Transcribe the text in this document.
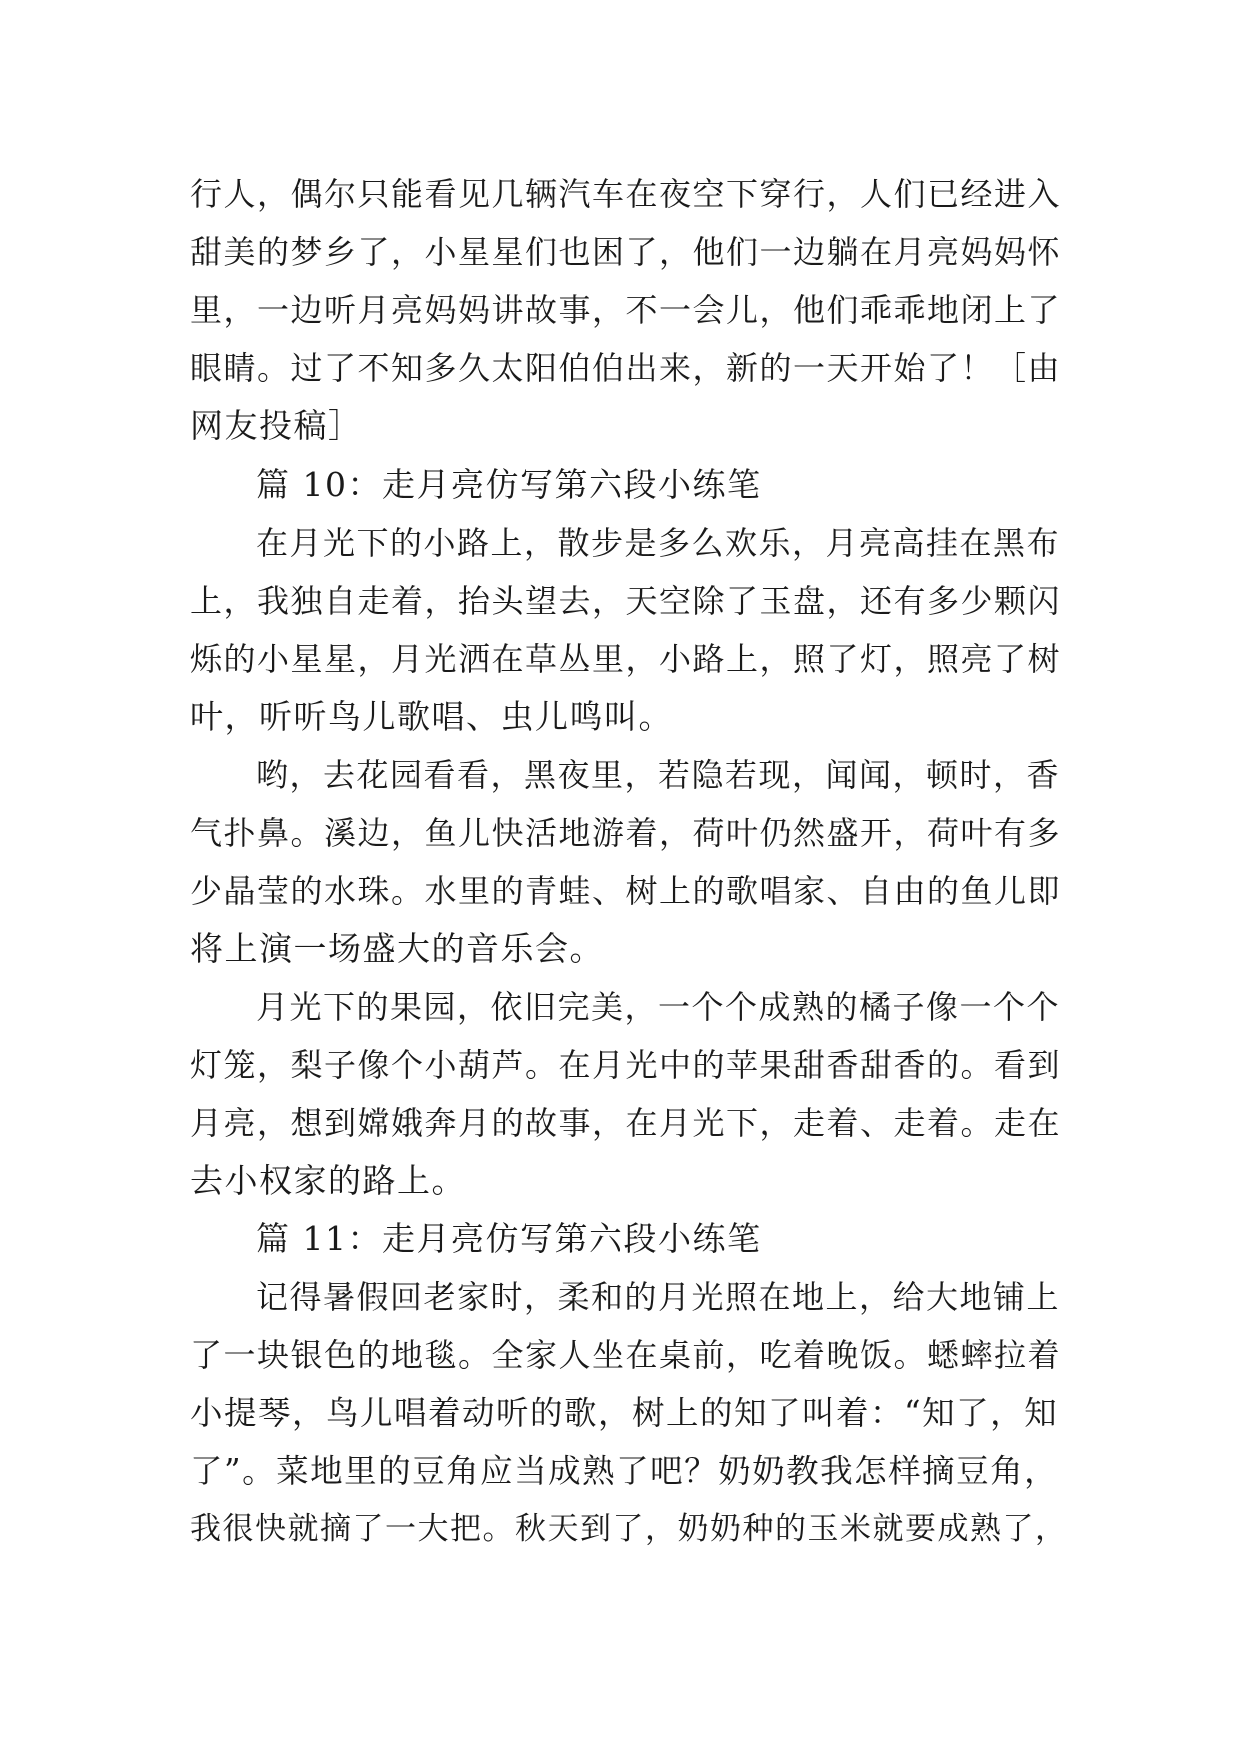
行人，偶尔只能看见几辆汽车在夜空下穿行，人们已经进入
甜美的梦乡了，小星星们也困了，他们一边躺在月亮妈妈怀
里，一边听月亮妈妈讲故事，不一会儿，他们乖乖地闭上了
眼睛。过了不知多久太阳伯伯出来，新的一天开始了！［由
网友投稿］
篇 10：走月亮仿写第六段小练笔
在月光下的小路上，散步是多么欢乐，月亮高挂在黑布
上，我独自走着，抬头望去，天空除了玉盘，还有多少颗闪
烁的小星星，月光洒在草丛里，小路上，照了灯，照亮了树
叶，听听鸟儿歌唱、虫儿鸣叫。
哟，去花园看看，黑夜里，若隐若现，闻闻，顿时，香
气扑鼻。溪边，鱼儿快活地游着，荷叶仍然盛开，荷叶有多
少晶莹的水珠。水里的青蛙、树上的歌唱家、自由的鱼儿即
将上演一场盛大的音乐会。
月光下的果园，依旧完美，一个个成熟的橘子像一个个
灯笼，梨子像个小葫芦。在月光中的苹果甜香甜香的。看到
月亮，想到嫦娥奔月的故事，在月光下，走着、走着。走在
去小权家的路上。
篇 11：走月亮仿写第六段小练笔
记得暑假回老家时，柔和的月光照在地上，给大地铺上
了一块银色的地毯。全家人坐在桌前，吃着晚饭。蟋蟀拉着
小提琴，鸟儿唱着动听的歌，树上的知了叫着：“知了，知
了”。菜地里的豆角应当成熟了吧？奶奶教我怎样摘豆角，
我很快就摘了一大把。秋天到了，奶奶种的玉米就要成熟了，
